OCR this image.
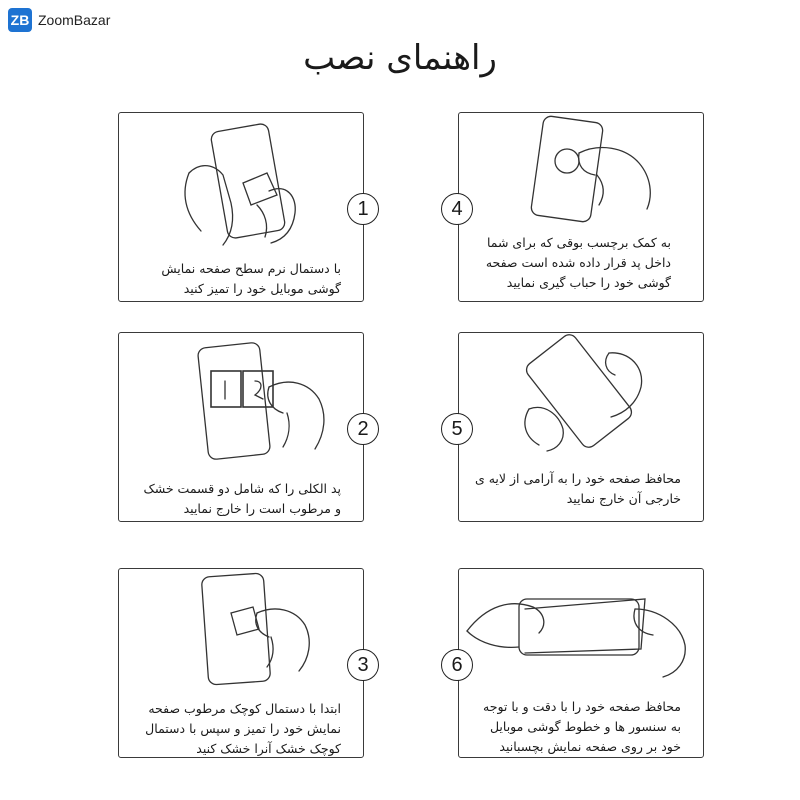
ZB ZoomBazar
راهنمای نصب
1
با دستمال نرم سطح صفحه نمایش
گوشی موبایل خود را تمیز کنید
2
پد الکلی را که شامل دو قسمت خشک
و مرطوب است را خارج نمایید
3
ابتدا با دستمال کوچک مرطوب صفحه
نمایش خود را تمیز و سپس با دستمال
کوچک خشک آنرا خشک کنید
4
به کمک برچسب بوقی که برای شما
داخل پد قرار داده شده است صفحه
گوشی خود را حباب گیری نمایید
5
محافظ صفحه خود را به آرامی از لایه ی
خارجی آن خارج نمایید
6
محافظ صفحه خود را با دقت و با توجه
به سنسور ها و خطوط گوشی موبایل
خود بر روی صفحه نمایش بچسبانید
